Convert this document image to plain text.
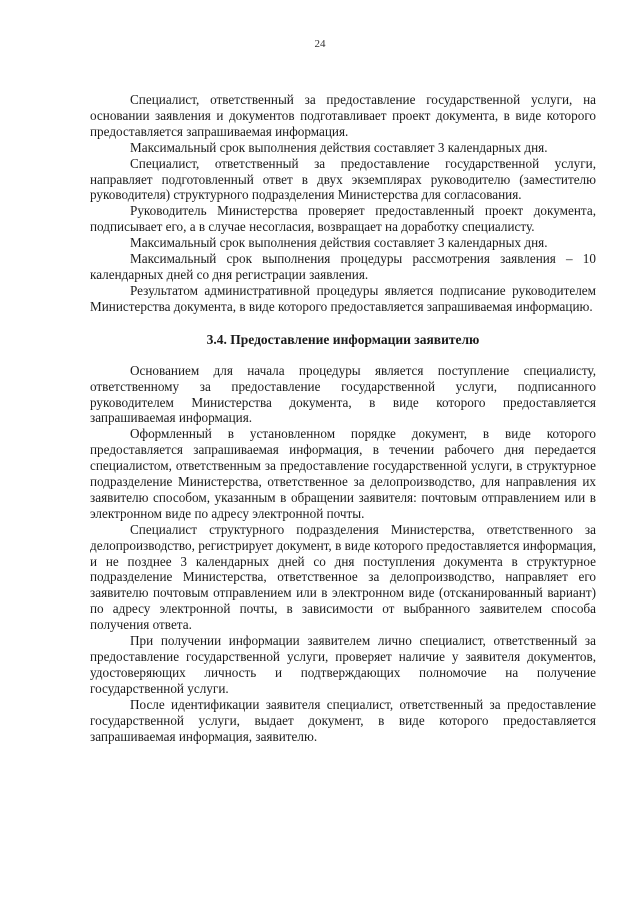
24

Специалист, ответственный за предоставление государственной услуги, на основании заявления и документов подготавливает проект документа, в виде которого предоставляется запрашиваемая информация.

Максимальный срок выполнения действия составляет 3 календарных дня.

Специалист, ответственный за предоставление государственной услуги, направляет подготовленный ответ в двух экземплярах руководителю (заместителю руководителя) структурного подразделения Министерства для согласования.

Руководитель Министерства проверяет предоставленный проект документа, подписывает его, а в случае несогласия, возвращает на доработку специалисту.

Максимальный срок выполнения действия составляет 3 календарных дня.

Максимальный срок выполнения процедуры рассмотрения заявления – 10 календарных дней со дня регистрации заявления.

Результатом административной процедуры является подписание руководителем Министерства документа, в виде которого предоставляется запрашиваемая информацию.

3.4. Предоставление информации заявителю

Основанием для начала процедуры является поступление специалисту, ответственному за предоставление государственной услуги, подписанного руководителем Министерства документа, в виде которого предоставляется запрашиваемая информация.

Оформленный в установленном порядке документ, в виде которого предоставляется запрашиваемая информация, в течении рабочего дня передается специалистом, ответственным за предоставление государственной услуги, в структурное подразделение Министерства, ответственное за делопроизводство, для направления их заявителю способом, указанным в обращении заявителя: почтовым отправлением или в электронном виде по адресу электронной почты.

Специалист структурного подразделения Министерства, ответственного за делопроизводство, регистрирует документ, в виде которого предоставляется информация, и не позднее 3 календарных дней со дня поступления документа в структурное подразделение Министерства, ответственное за делопроизводство, направляет его заявителю почтовым отправлением или в электронном виде (отсканированный вариант) по адресу электронной почты, в зависимости от выбранного заявителем способа получения ответа.

При получении информации заявителем лично специалист, ответственный за предоставление государственной услуги, проверяет наличие у заявителя документов, удостоверяющих личность и подтверждающих полномочие на получение государственной услуги.

После идентификации заявителя специалист, ответственный за предоставление государственной услуги, выдает документ, в виде которого предоставляется запрашиваемая информация, заявителю.
